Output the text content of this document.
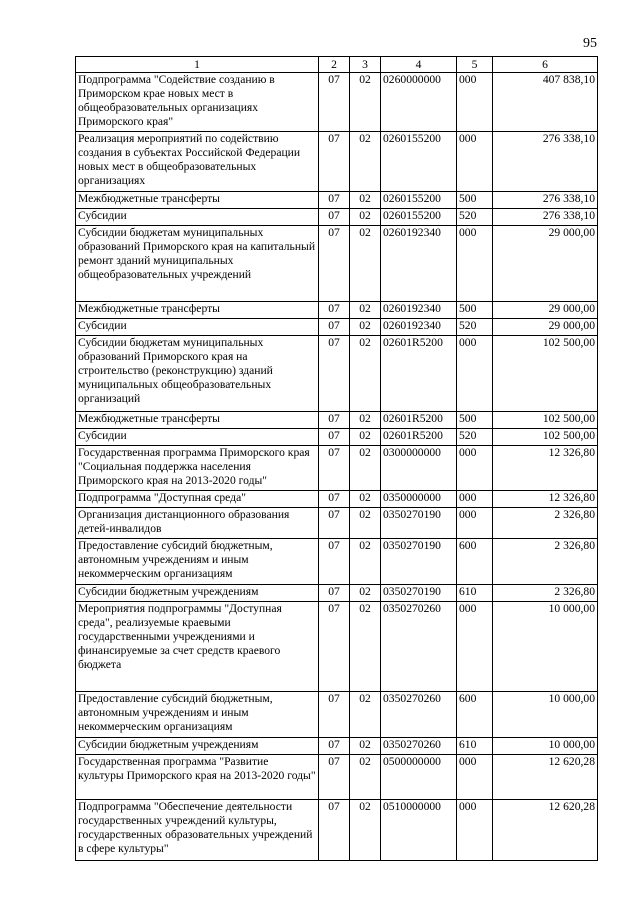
95
1	2	3	4	5	6
Подпрограмма "Содействие созданию в Приморском крае новых мест в общеобразовательных организациях Приморского края"	07	02	0260000000	000	407 838,10
Реализация мероприятий по содействию создания в субъектах Российской Федерации новых мест в общеобразовательных организациях	07	02	0260155200	000	276 338,10
Межбюджетные трансферты	07	02	0260155200	500	276 338,10
Субсидии	07	02	0260155200	520	276 338,10
Субсидии бюджетам муниципальных образований Приморского края на капитальный ремонт зданий муниципальных общеобразовательных учреждений	07	02	0260192340	000	29 000,00
Межбюджетные трансферты	07	02	0260192340	500	29 000,00
Субсидии	07	02	0260192340	520	29 000,00
Субсидии бюджетам муниципальных образований Приморского края на строительство (реконструкцию) зданий муниципальных общеобразовательных организаций	07	02	02601R5200	000	102 500,00
Межбюджетные трансферты	07	02	02601R5200	500	102 500,00
Субсидии	07	02	02601R5200	520	102 500,00
Государственная программа Приморского края "Социальная поддержка населения Приморского края на 2013-2020 годы"	07	02	0300000000	000	12 326,80
Подпрограмма "Доступная среда"	07	02	0350000000	000	12 326,80
Организация дистанционного образования детей-инвалидов	07	02	0350270190	000	2 326,80
Предоставление субсидий бюджетным, автономным учреждениям и иным некоммерческим организациям	07	02	0350270190	600	2 326,80
Субсидии бюджетным учреждениям	07	02	0350270190	610	2 326,80
Мероприятия подпрограммы "Доступная среда", реализуемые краевыми государственными учреждениями и финансируемые за счет средств краевого бюджета	07	02	0350270260	000	10 000,00
Предоставление субсидий бюджетным, автономным учреждениям и иным некоммерческим организациям	07	02	0350270260	600	10 000,00
Субсидии бюджетным учреждениям	07	02	0350270260	610	10 000,00
Государственная программа "Развитие культуры Приморского края на 2013-2020 годы"	07	02	0500000000	000	12 620,28
Подпрограмма "Обеспечение деятельности государственных учреждений культуры, государственных образовательных учреждений в сфере культуры"	07	02	0510000000	000	12 620,28
